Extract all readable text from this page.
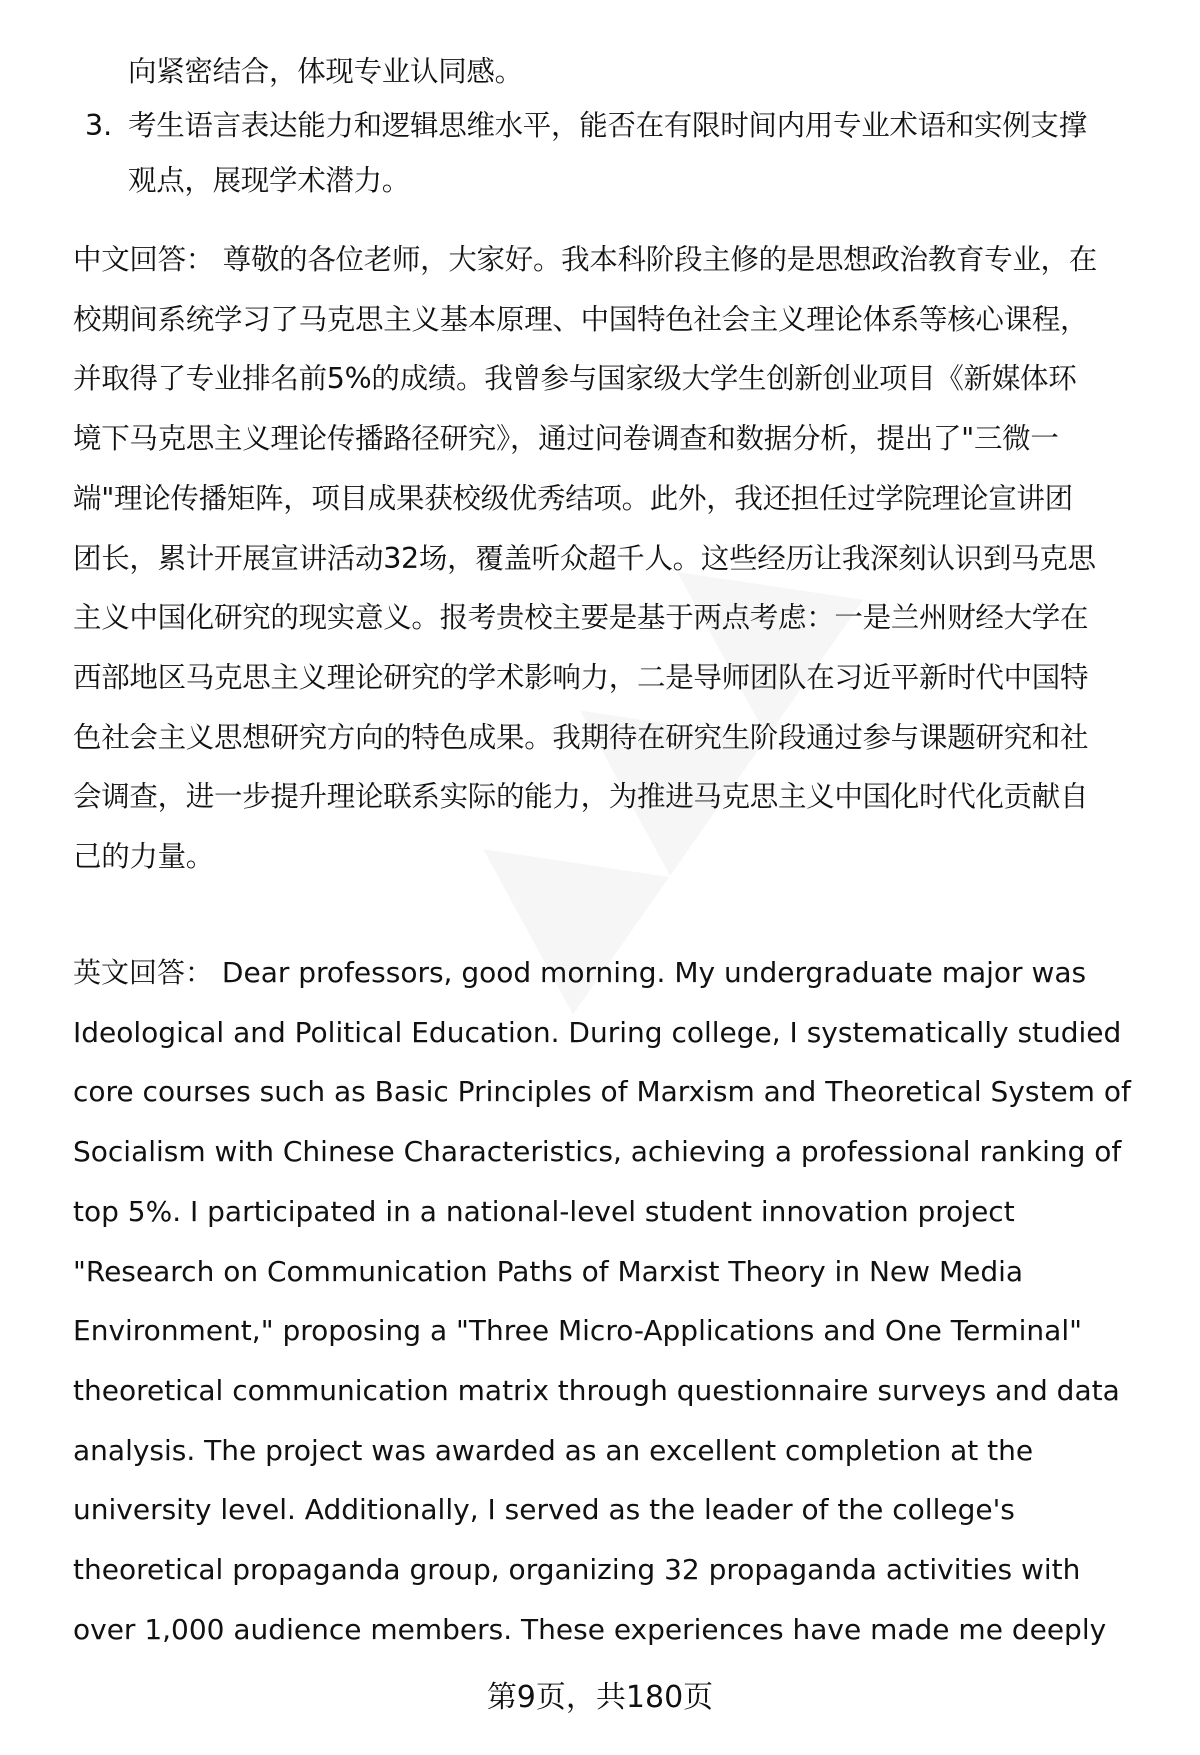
向紧密结合，体现专业认同感。
3. 考生语言表达能力和逻辑思维水平，能否在有限时间内用专业术语和实例支撑
观点，展现学术潜力。
中文回答： 尊敬的各位老师，大家好。我本科阶段主修的是思想政治教育专业，在
校期间系统学习了马克思主义基本原理、中国特色社会主义理论体系等核心课程，
并取得了专业排名前5%的成绩。我曾参与国家级大学生创新创业项目《新媒体环
境下马克思主义理论传播路径研究》，通过问卷调查和数据分析，提出了"三微一
端"理论传播矩阵，项目成果获校级优秀结项。此外，我还担任过学院理论宣讲团
团长，累计开展宣讲活动32场，覆盖听众超千人。这些经历让我深刻认识到马克思
主义中国化研究的现实意义。报考贵校主要是基于两点考虑：一是兰州财经大学在
西部地区马克思主义理论研究的学术影响力，二是导师团队在习近平新时代中国特
色社会主义思想研究方向的特色成果。我期待在研究生阶段通过参与课题研究和社
会调查，进一步提升理论联系实际的能力，为推进马克思主义中国化时代化贡献自
己的力量。
英文回答： Dear professors, good morning. My undergraduate major was
Ideological and Political Education. During college, I systematically studied
core courses such as Basic Principles of Marxism and Theoretical System of
Socialism with Chinese Characteristics, achieving a professional ranking of
top 5%. I participated in a national-level student innovation project
"Research on Communication Paths of Marxist Theory in New Media
Environment," proposing a "Three Micro-Applications and One Terminal"
theoretical communication matrix through questionnaire surveys and data
analysis. The project was awarded as an excellent completion at the
university level. Additionally, I served as the leader of the college's
theoretical propaganda group, organizing 32 propaganda activities with
over 1,000 audience members. These experiences have made me deeply
第9页，共180页
